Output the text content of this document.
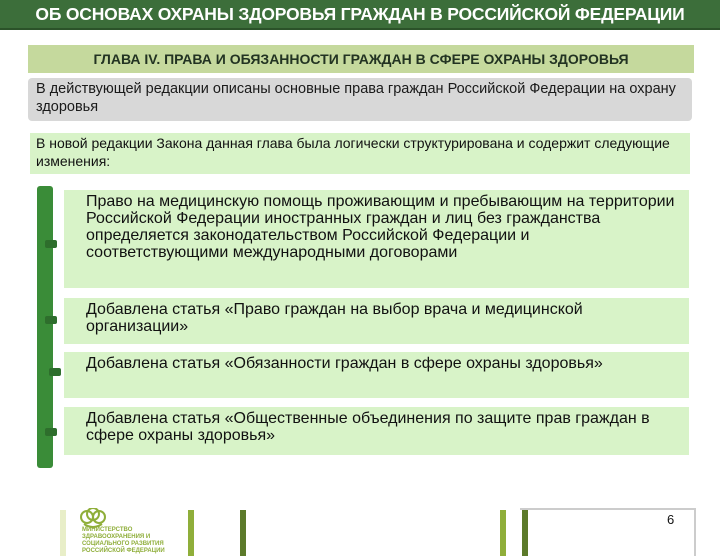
ОБ ОСНОВАХ ОХРАНЫ ЗДОРОВЬЯ ГРАЖДАН В РОССИЙСКОЙ ФЕДЕРАЦИИ
ГЛАВА IV. ПРАВА И ОБЯЗАННОСТИ ГРАЖДАН В СФЕРЕ ОХРАНЫ ЗДОРОВЬЯ
В действующей редакции описаны основные права граждан Российской Федерации на охрану здоровья
В новой редакции Закона данная глава была логически структурирована и содержит следующие изменения:
Право на медицинскую помощь проживающим и пребывающим на территории Российской Федерации иностранных граждан и лиц без гражданства определяется законодательством Российской Федерации и соответствующими международными договорами
Добавлена статья «Право граждан на выбор врача и медицинской организации»
Добавлена статья «Обязанности граждан в сфере охраны здоровья»
Добавлена статья «Общественные объединения по защите прав граждан в сфере охраны здоровья»
МИНИСТЕРСТВО ЗДРАВООХРАНЕНИЯ И СОЦИАЛЬНОГО РАЗВИТИЯ РОССИЙСКОЙ ФЕДЕРАЦИИ
6
